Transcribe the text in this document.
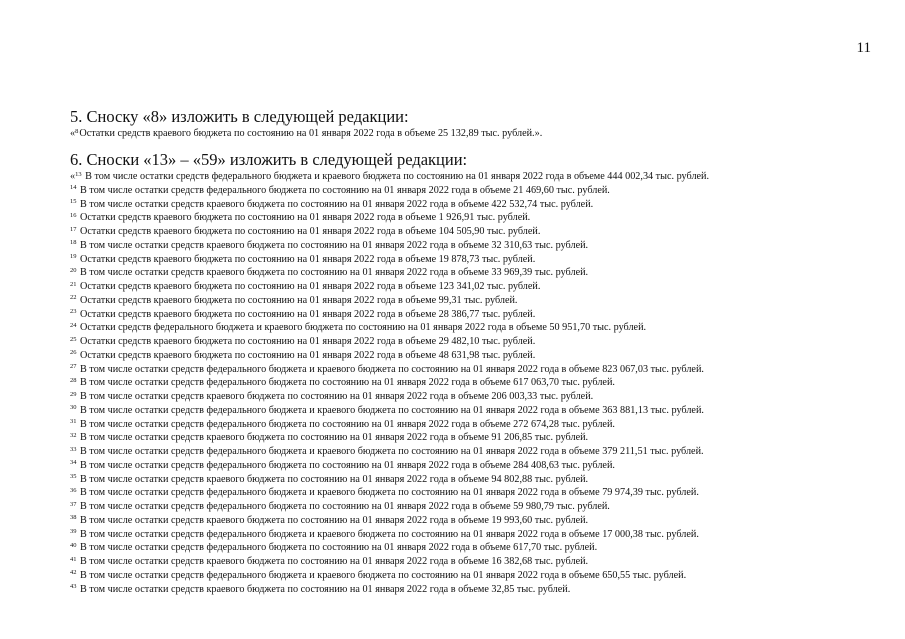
11

5. Сноску «8» изложить в следующей редакции:

«$^8$Остатки средств краевого бюджета по состоянию на 01 января 2022 года в объеме 25 132,89 тыс. рублей.».

6. Сноски «13» – «59» изложить в следующей редакции:

«$^{13}$ В том числе остатки средств федерального бюджета и краевого бюджета по состоянию на 01 января 2022 года в объеме 444 002,34 тыс. рублей.

$^{14}$ В том числе остатки средств федерального бюджета по состоянию на 01 января 2022 года в объеме 21 469,60 тыс. рублей.

$^{15}$ В том числе остатки средств краевого бюджета по состоянию на 01 января 2022 года в объеме 422 532,74 тыс. рублей.

$^{16}$ Остатки средств краевого бюджета по состоянию на 01 января 2022 года в объеме 1 926,91 тыс. рублей.

$^{17}$ Остатки средств краевого бюджета по состоянию на 01 января 2022 года в объеме 104 505,90 тыс. рублей.

$^{18}$ В том числе остатки средств краевого бюджета по состоянию на 01 января 2022 года в объеме 32 310,63 тыс. рублей.

$^{19}$ Остатки средств краевого бюджета по состоянию на 01 января 2022 года в объеме 19 878,73 тыс. рублей.

$^{20}$ В том числе остатки средств краевого бюджета по состоянию на 01 января 2022 года в объеме 33 969,39 тыс. рублей.

$^{21}$ Остатки средств краевого бюджета по состоянию на 01 января 2022 года в объеме 123 341,02 тыс. рублей.

$^{22}$ Остатки средств краевого бюджета по состоянию на 01 января 2022 года в объеме 99,31 тыс. рублей.

$^{23}$ Остатки средств краевого бюджета по состоянию на 01 января 2022 года в объеме 28 386,77 тыс. рублей.

$^{24}$ Остатки средств федерального бюджета и краевого бюджета по состоянию на 01 января 2022 года в объеме 50 951,70 тыс. рублей.

$^{25}$ Остатки средств краевого бюджета по состоянию на 01 января 2022 года в объеме 29 482,10 тыс. рублей.

$^{26}$ Остатки средств краевого бюджета по состоянию на 01 января 2022 года в объеме 48 631,98 тыс. рублей.

$^{27}$ В том числе остатки средств федерального бюджета и краевого бюджета по состоянию на 01 января 2022 года в объеме 823 067,03 тыс. рублей.

$^{28}$ В том числе остатки средств федерального бюджета по состоянию на 01 января 2022 года в объеме 617 063,70 тыс. рублей.

$^{29}$ В том числе остатки средств краевого бюджета по состоянию на 01 января 2022 года в объеме 206 003,33 тыс. рублей.

$^{30}$ В том числе остатки средств федерального бюджета и краевого бюджета по состоянию на 01 января 2022 года в объеме 363 881,13 тыс. рублей.

$^{31}$ В том числе остатки средств федерального бюджета по состоянию на 01 января 2022 года в объеме 272 674,28 тыс. рублей.

$^{32}$ В том числе остатки средств краевого бюджета по состоянию на 01 января 2022 года в объеме 91 206,85 тыс. рублей.

$^{33}$ В том числе остатки средств федерального бюджета и краевого бюджета по состоянию на 01 января 2022 года в объеме 379 211,51 тыс. рублей.

$^{34}$ В том числе остатки средств федерального бюджета по состоянию на 01 января 2022 года в объеме 284 408,63 тыс. рублей.

$^{35}$ В том числе остатки средств краевого бюджета по состоянию на 01 января 2022 года в объеме 94 802,88 тыс. рублей.

$^{36}$ В том числе остатки средств федерального бюджета и краевого бюджета по состоянию на 01 января 2022 года в объеме 79 974,39 тыс. рублей.

$^{37}$ В том числе остатки средств федерального бюджета по состоянию на 01 января 2022 года в объеме 59 980,79 тыс. рублей.

$^{38}$ В том числе остатки средств краевого бюджета по состоянию на 01 января 2022 года в объеме 19 993,60 тыс. рублей.

$^{39}$ В том числе остатки средств федерального бюджета и краевого бюджета по состоянию на 01 января 2022 года в объеме 17 000,38 тыс. рублей.

$^{40}$ В том числе остатки средств федерального бюджета по состоянию на 01 января 2022 года в объеме 617,70 тыс. рублей.

$^{41}$ В том числе остатки средств краевого бюджета по состоянию на 01 января 2022 года в объеме 16 382,68 тыс. рублей.

$^{42}$ В том числе остатки средств федерального бюджета и краевого бюджета по состоянию на 01 января 2022 года в объеме 650,55 тыс. рублей.

$^{43}$ В том числе остатки средств краевого бюджета по состоянию на 01 января 2022 года в объеме 32,85 тыс. рублей.
